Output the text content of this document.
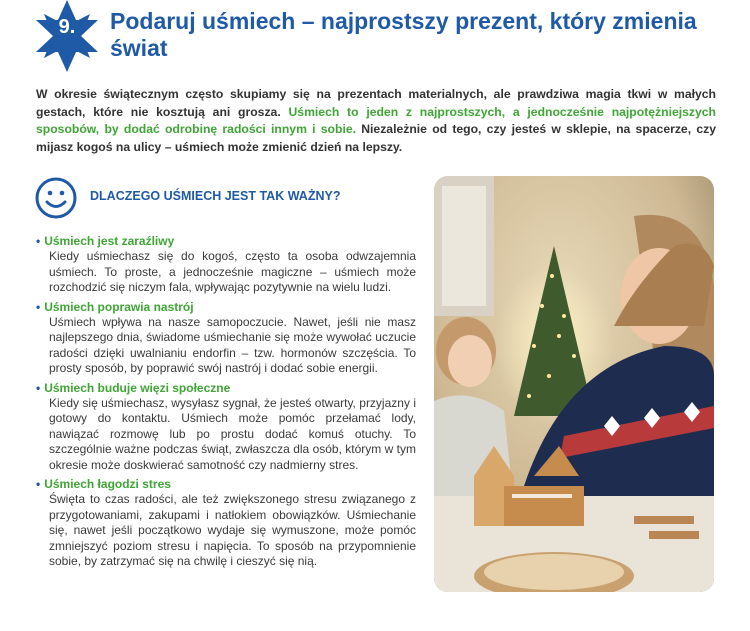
9.	Podaruj uśmiech – najprostszy prezent, który zmienia świat

W okresie świątecznym często skupiamy się na prezentach materialnych, ale prawdziwa magia tkwi w małych gestach, które nie kosztują ani grosza. Uśmiech to jeden z najprostszych, a jednocześnie najpotężniejszych sposobów, by dodać odrobinę radości innym i sobie. Niezależnie od tego, czy jesteś w sklepie, na spacerze, czy mijasz kogoś na ulicy – uśmiech może zmienić dzień na lepszy.

DLACZEGO UŚMIECH JEST TAK WAŻNY?
• Uśmiech jest zaraźliwy
Kiedy uśmiechasz się do kogoś, często ta osoba odwzajemnia uśmiech. To proste, a jednocześnie magiczne – uśmiech może rozchodzić się niczym fala, wpływając pozytywnie na wielu ludzi.
• Uśmiech poprawia nastrój
Uśmiech wpływa na nasze samopoczucie. Nawet, jeśli nie masz najlepszego dnia, świadome uśmiechanie się może wywołać uczucie radości dzięki uwalnianiu endorfin – tzw. hormonów szczęścia. To prosty sposób, by poprawić swój nastrój i dodać sobie energii.
• Uśmiech buduje więzi społeczne
Kiedy się uśmiechasz, wysyłasz sygnał, że jesteś otwarty, przyjazny i gotowy do kontaktu. Uśmiech może pomóc przełamać lody, nawiązać rozmowę lub po prostu dodać komuś otuchy. To szczególnie ważne podczas świąt, zwłaszcza dla osób, którym w tym okresie może doskwierać samotność czy nadmierny stres.
• Uśmiech łagodzi stres
Święta to czas radości, ale też zwiększonego stresu związanego z przygotowaniami, zakupami i natłokiem obowiązków. Uśmiechanie się, nawet jeśli początkowo wydaje się wymuszone, może pomóc zmniejszyć poziom stresu i napięcia. To sposób na przypomnienie sobie, by zatrzymać się na chwilę i cieszyć się nią.
